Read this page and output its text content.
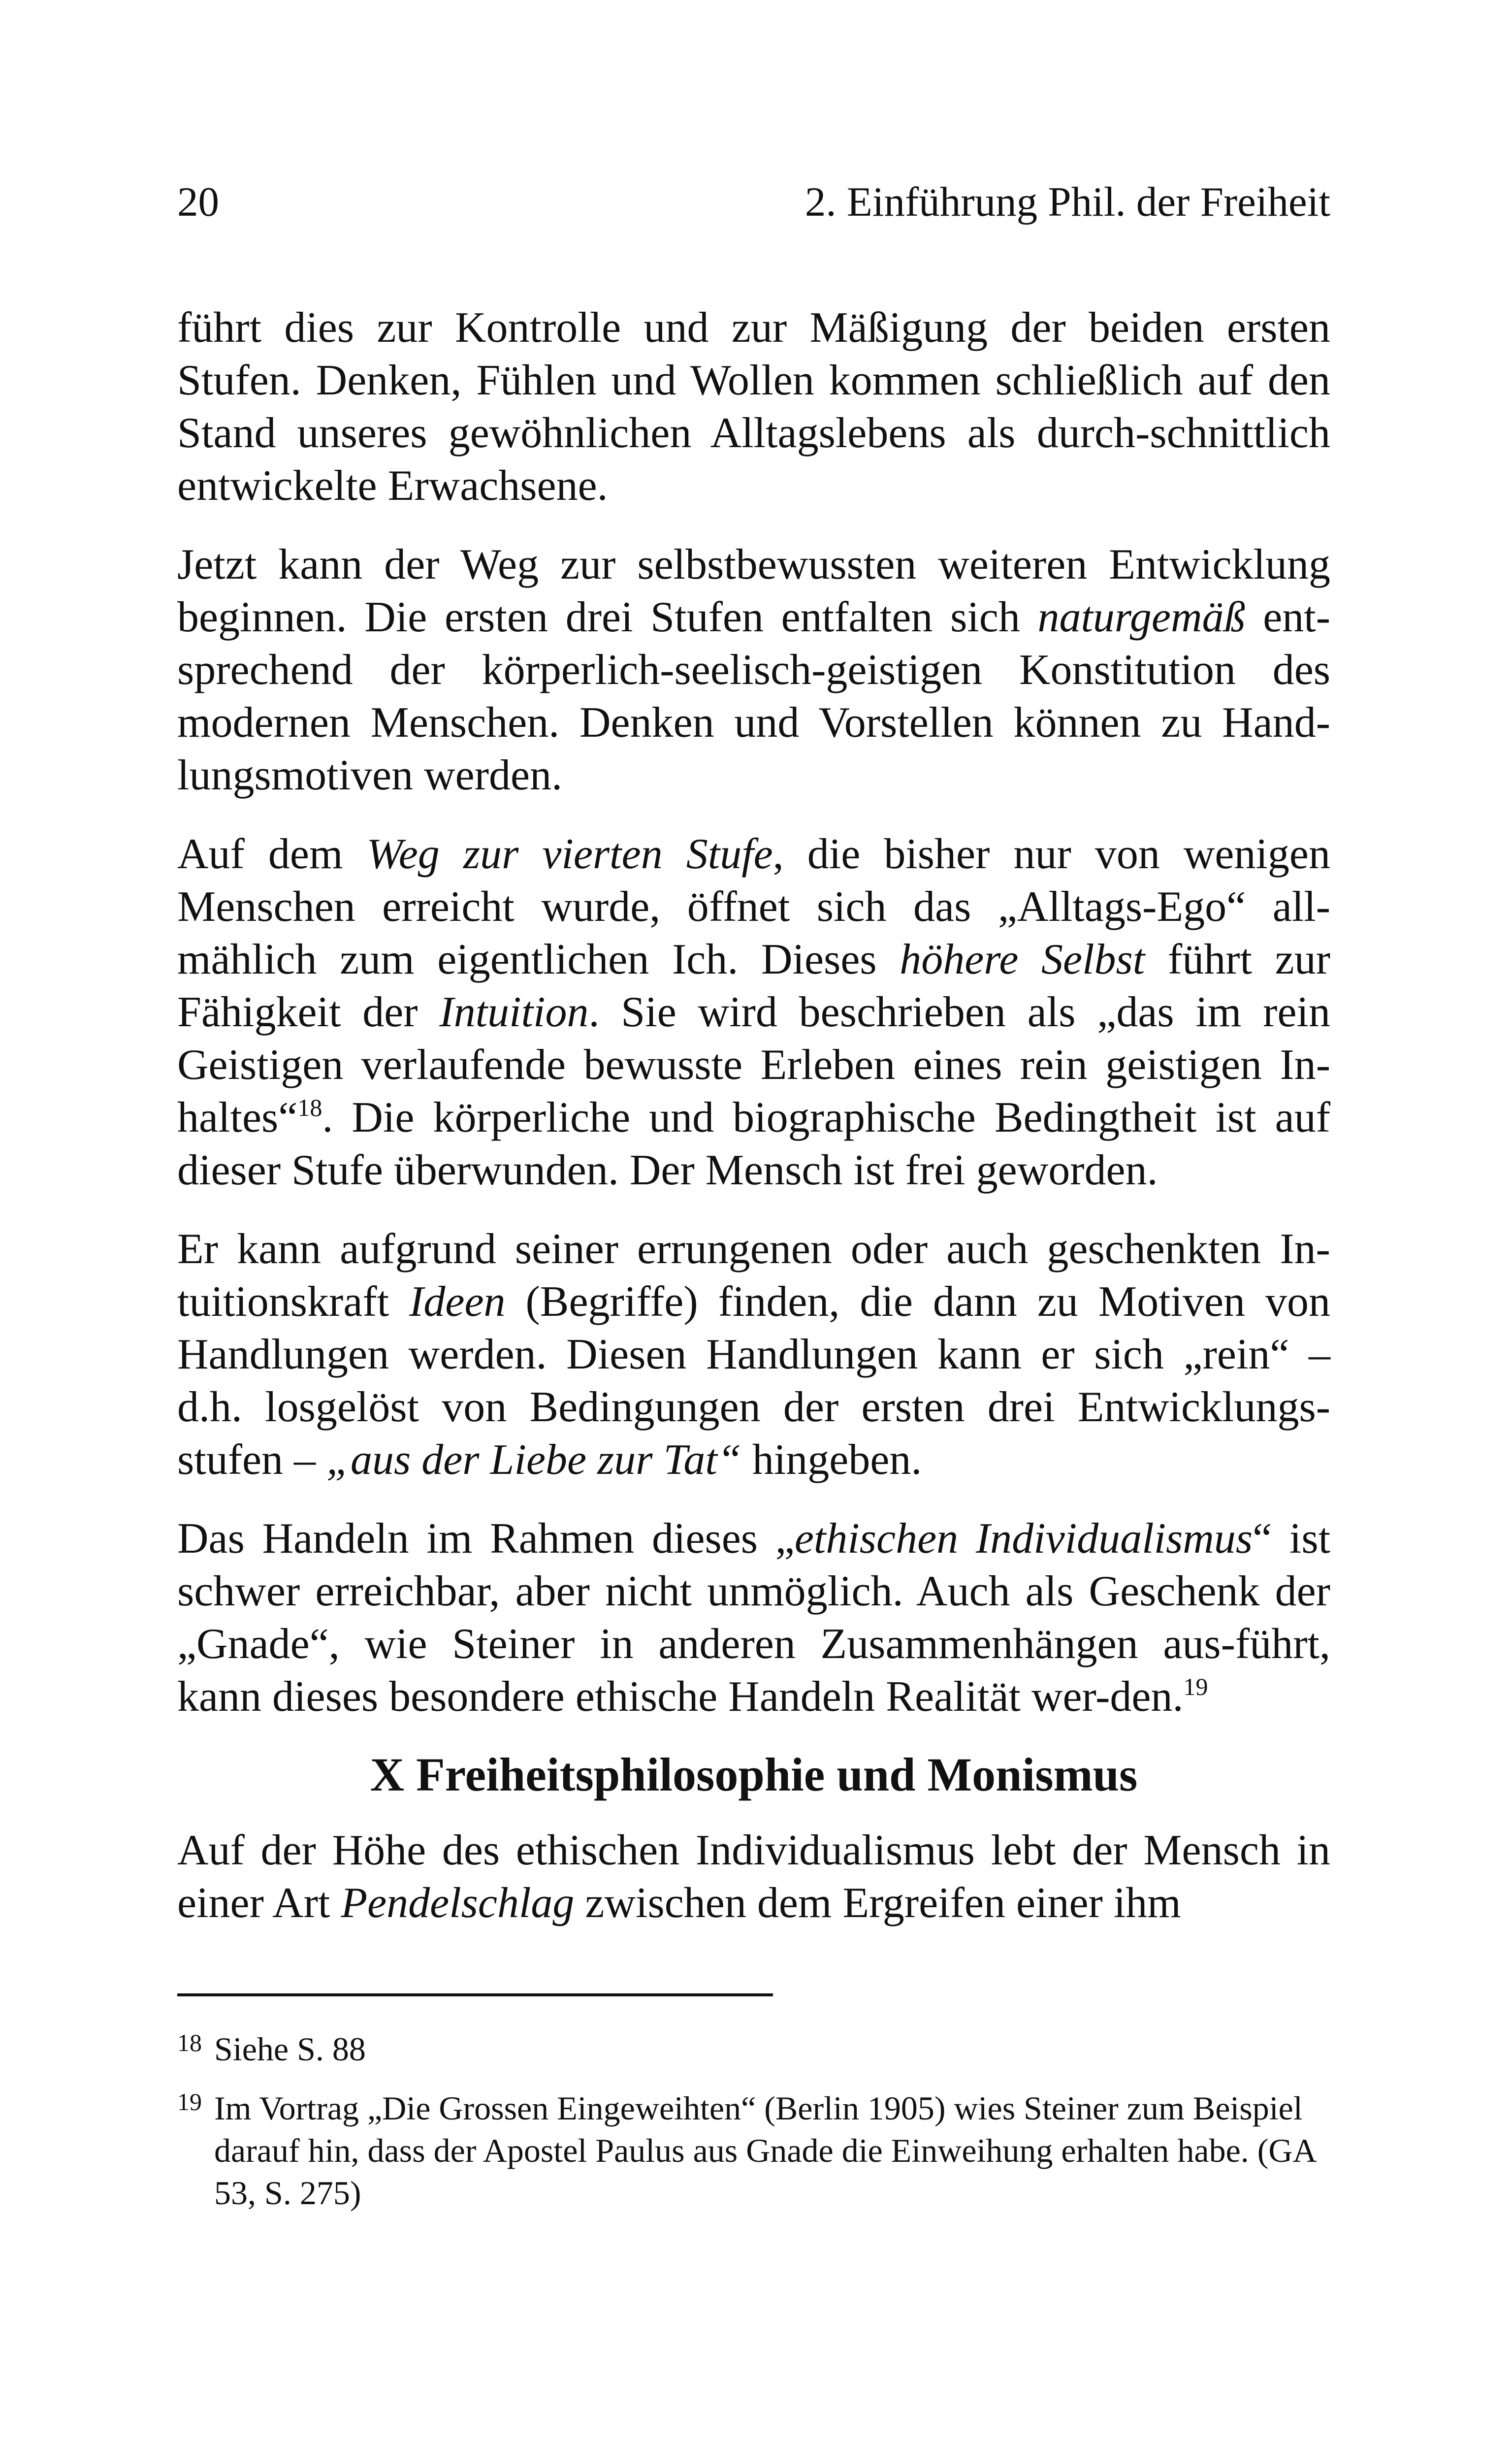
20	2. Einführung Phil. der Freiheit

führt dies zur Kontrolle und zur Mäßigung der beiden ersten Stufen. Denken, Fühlen und Wollen kommen schließlich auf den Stand unseres gewöhnlichen Alltagslebens als durch-schnittlich entwickelte Erwachsene.

Jetzt kann der Weg zur selbstbewussten weiteren Entwicklung beginnen. Die ersten drei Stufen entfalten sich naturgemäß ent-sprechend der körperlich-seelisch-geistigen Konstitution des modernen Menschen. Denken und Vorstellen können zu Hand-lungsmotiven werden.

Auf dem Weg zur vierten Stufe, die bisher nur von wenigen Menschen erreicht wurde, öffnet sich das „Alltags-Ego“ all-mählich zum eigentlichen Ich. Dieses höhere Selbst führt zur Fähigkeit der Intuition. Sie wird beschrieben als „das im rein Geistigen verlaufende bewusste Erleben eines rein geistigen In-haltes“$^{18}$. Die körperliche und biographische Bedingtheit ist auf dieser Stufe überwunden. Der Mensch ist frei geworden.

Er kann aufgrund seiner errungenen oder auch geschenkten In-tuitionskraft Ideen (Begriffe) finden, die dann zu Motiven von Handlungen werden. Diesen Handlungen kann er sich „rein“ – d.h. losgelöst von Bedingungen der ersten drei Entwicklungs-stufen – „aus der Liebe zur Tat“ hingeben.

Das Handeln im Rahmen dieses „ethischen Individualismus“ ist schwer erreichbar, aber nicht unmöglich. Auch als Geschenk der „Gnade“, wie Steiner in anderen Zusammenhängen aus-führt, kann dieses besondere ethische Handeln Realität wer-den.$^{19}$

X Freiheitsphilosophie und Monismus

Auf der Höhe des ethischen Individualismus lebt der Mensch in einer Art Pendelschlag zwischen dem Ergreifen einer ihm

18 Siehe S. 88
19 Im Vortrag „Die Grossen Eingeweihten“ (Berlin 1905) wies Steiner zum Beispiel darauf hin, dass der Apostel Paulus aus Gnade die Einweihung erhalten habe. (GA 53, S. 275)
